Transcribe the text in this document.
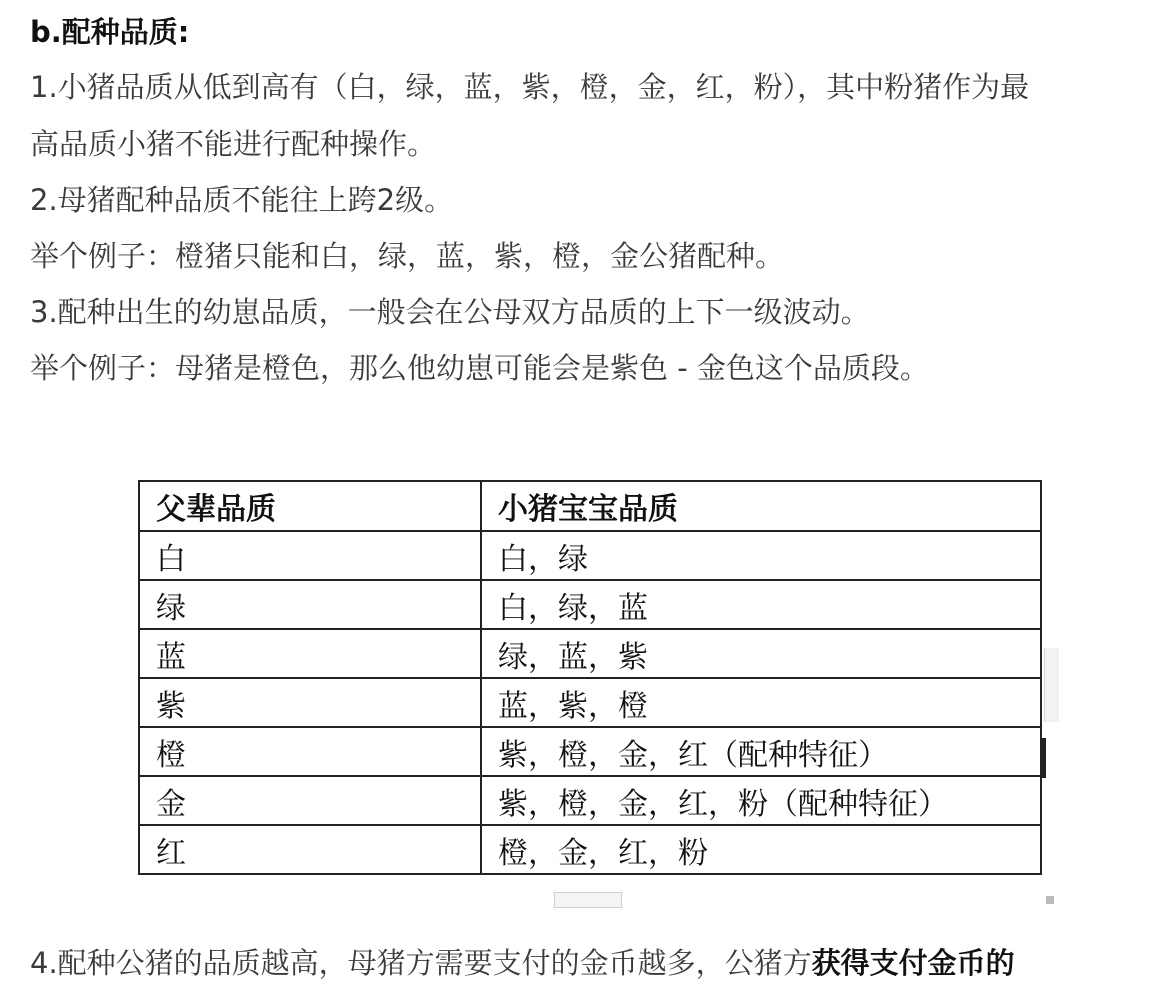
b.配种品质:
1.小猪品质从低到高有（白，绿，蓝，紫，橙，金，红，粉），其中粉猪作为最
高品质小猪不能进行配种操作。
2.母猪配种品质不能往上跨2级。
举个例子：橙猪只能和白，绿，蓝，紫，橙，金公猪配种。
3.配种出生的幼崽品质，一般会在公母双方品质的上下一级波动。
举个例子：母猪是橙色，那么他幼崽可能会是紫色 - 金色这个品质段。
父辈品质	小猪宝宝品质
白	白，绿
绿	白，绿，蓝
蓝	绿，蓝，紫
紫	蓝，紫，橙
橙	紫，橙，金，红（配种特征）
金	紫，橙，金，红，粉（配种特征）
红	橙，金，红，粉
4.配种公猪的品质越高，母猪方需要支付的金币越多，公猪方获得支付金币的
